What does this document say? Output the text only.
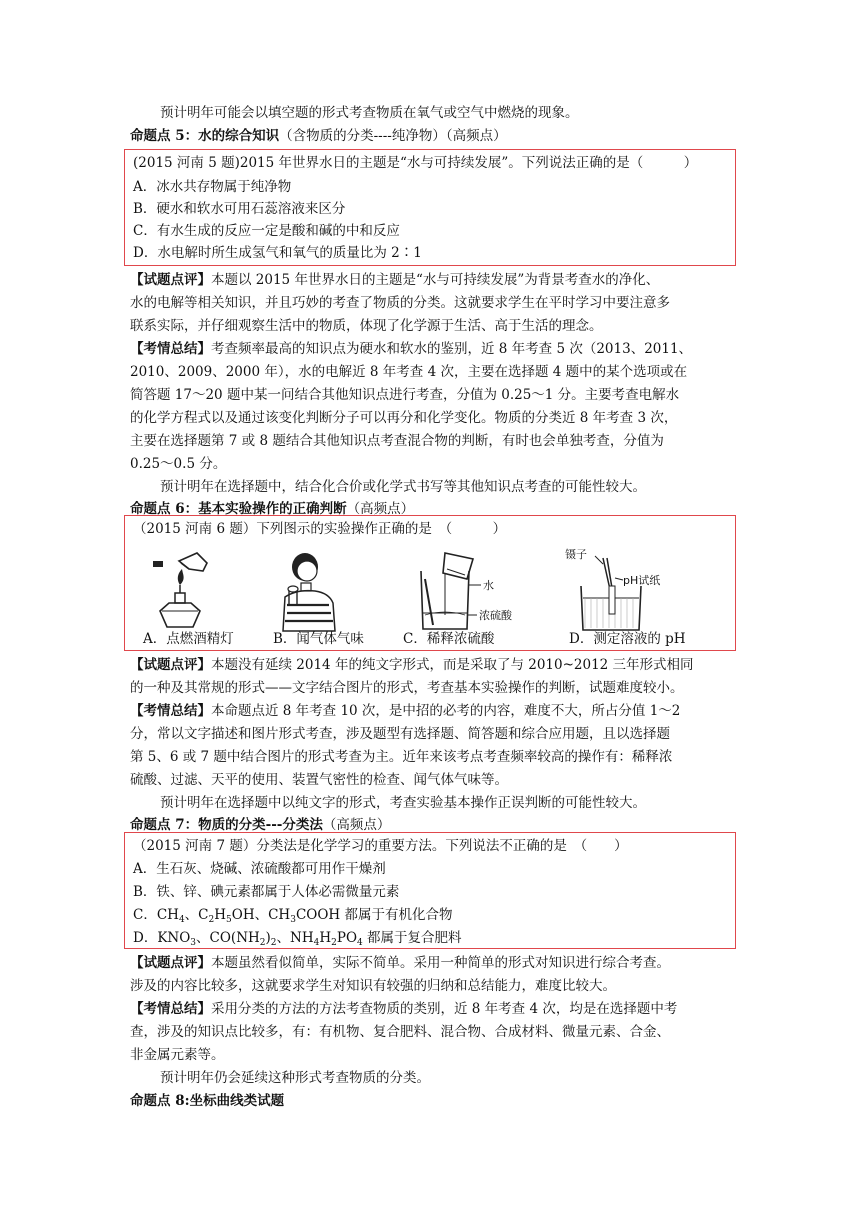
预计明年可能会以填空题的形式考查物质在氧气或空气中燃烧的现象。
命题点 5：水的综合知识（含物质的分类----纯净物）（高频点）
(2015 河南 5 题)2015 年世界水日的主题是“水与可持续发展”。下列说法正确的是（　　　）
A．冰水共存物属于纯净物
B．硬水和软水可用石蕊溶液来区分
C．有水生成的反应一定是酸和碱的中和反应
D．水电解时所生成氢气和氧气的质量比为 2∶1
【试题点评】本题以 2015 年世界水日的主题是“水与可持续发展”为背景考查水的净化、
水的电解等相关知识，并且巧妙的考查了物质的分类。这就要求学生在平时学习中要注意多
联系实际，并仔细观察生活中的物质，体现了化学源于生活、高于生活的理念。
【考情总结】考查频率最高的知识点为硬水和软水的鉴别，近 8 年考查 5 次（2013、2011、
2010、2009、2000 年），水的电解近 8 年考查 4 次，主要在选择题 4 题中的某个选项或在
简答题 17～20 题中某一问结合其他知识点进行考查，分值为 0.25～1 分。主要考查电解水
的化学方程式以及通过该变化判断分子可以再分和化学变化。物质的分类近 8 年考查 3 次，
主要在选择题第 7 或 8 题结合其他知识点考查混合物的判断，有时也会单独考查，分值为
0.25～0.5 分。
预计明年在选择题中，结合化合价或化学式书写等其他知识点考查的可能性较大。
命题点 6：基本实验操作的正确判断（高频点）
（2015 河南 6 题）下列图示的实验操作正确的是　（　　　）
水
浓硫酸
镊子
pH试纸
A．点燃酒精灯	B．闻气体气味	C．稀释浓硫酸	D．测定溶液的 pH
【试题点评】本题没有延续 2014 年的纯文字形式，而是采取了与 2010~2012 三年形式相同
的一种及其常规的形式——文字结合图片的形式，考查基本实验操作的判断，试题难度较小。
【考情总结】本命题点近 8 年考查 10 次，是中招的必考的内容，难度不大，所占分值 1～2
分，常以文字描述和图片形式考查，涉及题型有选择题、简答题和综合应用题，且以选择题
第 5、6 或 7 题中结合图片的形式考查为主。近年来该考点考查频率较高的操作有：稀释浓
硫酸、过滤、天平的使用、装置气密性的检查、闻气体气味等。
预计明年在选择题中以纯文字的形式，考查实验基本操作正误判断的可能性较大。
命题点 7：物质的分类---分类法（高频点）
（2015 河南 7 题）分类法是化学学习的重要方法。下列说法不正确的是　（　　）
A．生石灰、烧碱、浓硫酸都可用作干燥剂
B．铁、锌、碘元素都属于人体必需微量元素
C．$CH_4$、$C_2H_5OH$、$CH_3COOH$ 都属于有机化合物
D．$KNO_3$、$CO(NH_2)_2$、$NH_4H_2PO_4$ 都属于复合肥料
【试题点评】本题虽然看似简单，实际不简单。采用一种简单的形式对知识进行综合考查。
涉及的内容比较多，这就要求学生对知识有较强的归纳和总结能力，难度比较大。
【考情总结】采用分类的方法的方法考查物质的类别，近 8 年考查 4 次，均是在选择题中考
查，涉及的知识点比较多，有：有机物、复合肥料、混合物、合成材料、微量元素、合金、
非金属元素等。
预计明年仍会延续这种形式考查物质的分类。
命题点 8:坐标曲线类试题
